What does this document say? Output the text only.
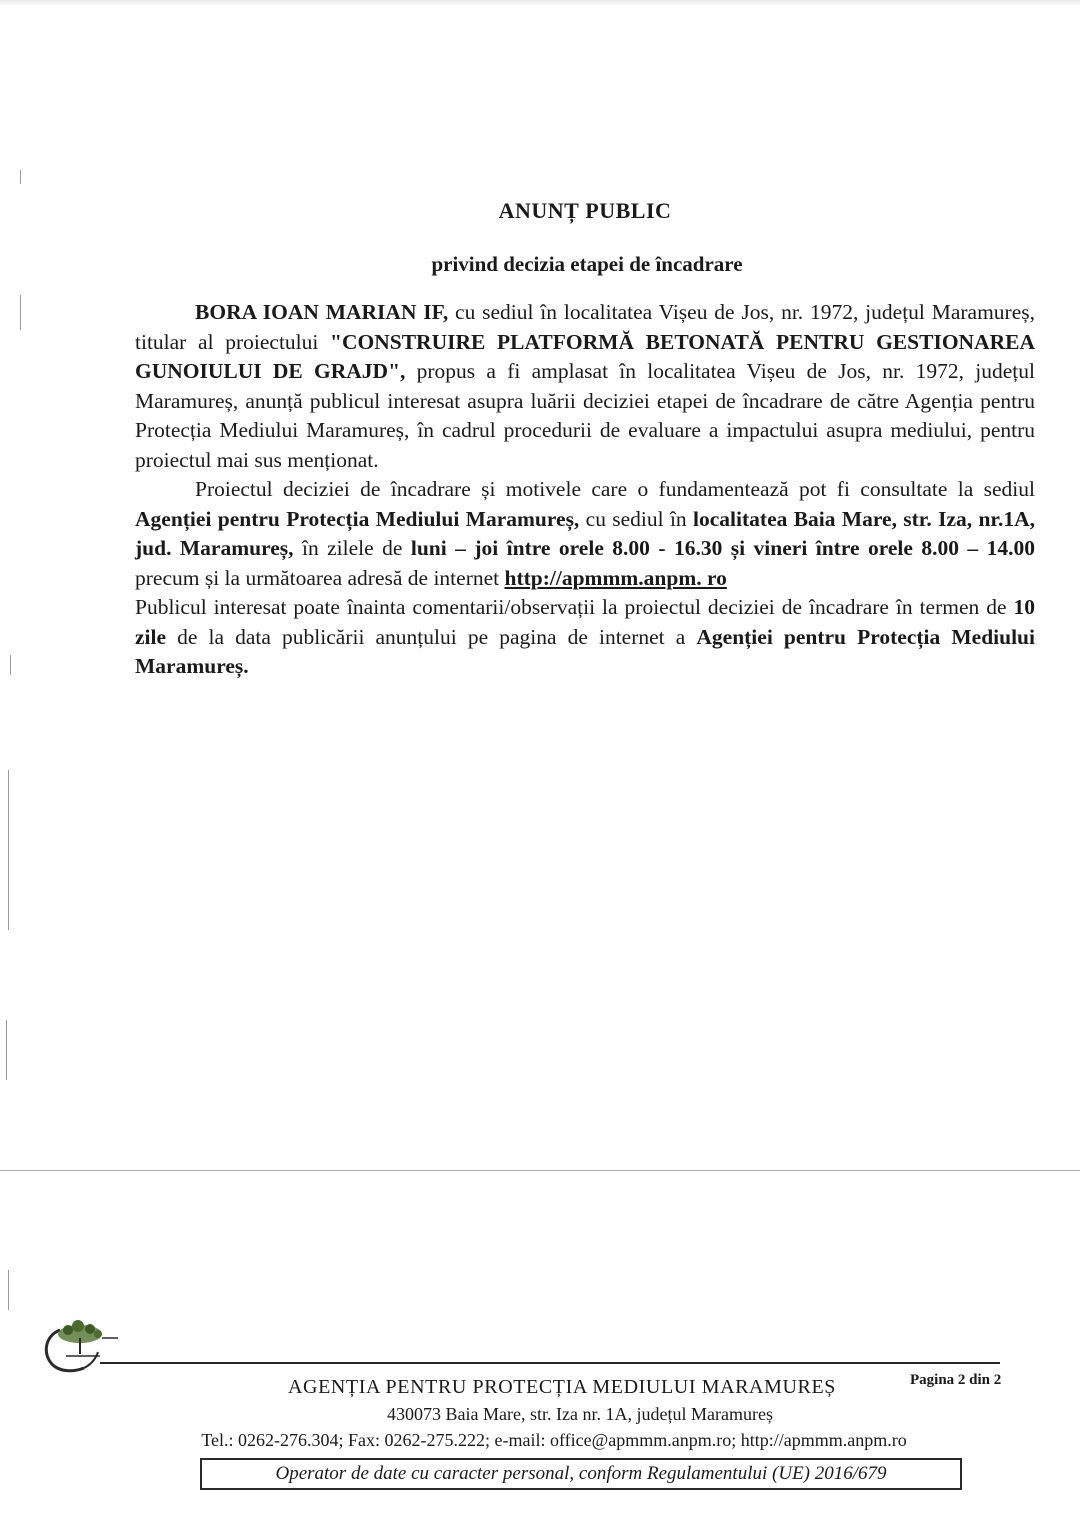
ANUNȚ PUBLIC
privind decizia etapei de încadrare

BORA IOAN MARIAN IF, cu sediul în localitatea Vișeu de Jos, nr. 1972, județul Maramureș, titular al proiectului "CONSTRUIRE PLATFORMĂ BETONATĂ PENTRU GESTIONAREA GUNOIULUI DE GRAJD", propus a fi amplasat în localitatea Vișeu de Jos, nr. 1972, județul Maramureș, anunță publicul interesat asupra luării deciziei etapei de încadrare de către Agenția pentru Protecția Mediului Maramureș, în cadrul procedurii de evaluare a impactului asupra mediului, pentru proiectul mai sus menționat.

Proiectul deciziei de încadrare și motivele care o fundamentează pot fi consultate la sediul Agenției pentru Protecția Mediului Maramureș, cu sediul în localitatea Baia Mare, str. Iza, nr.1A, jud. Maramureș, în zilele de luni – joi între orele 8.00 - 16.30 și vineri între orele 8.00 – 14.00 precum și la următoarea adresă de internet http://apmmm.anpm. ro

Publicul interesat poate înainta comentarii/observații la proiectul deciziei de încadrare în termen de 10 zile de la data publicării anunțului pe pagina de internet a Agenției pentru Protecția Mediului Maramureș.

AGENȚIA PENTRU PROTECȚIA MEDIULUI MARAMUREȘ	Pagina 2 din 2
430073 Baia Mare, str. Iza nr. 1A, județul Maramureș
Tel.: 0262-276.304; Fax: 0262-275.222; e-mail: office@apmmm.anpm.ro; http://apmmm.anpm.ro
Operator de date cu caracter personal, conform Regulamentului (UE) 2016/679
